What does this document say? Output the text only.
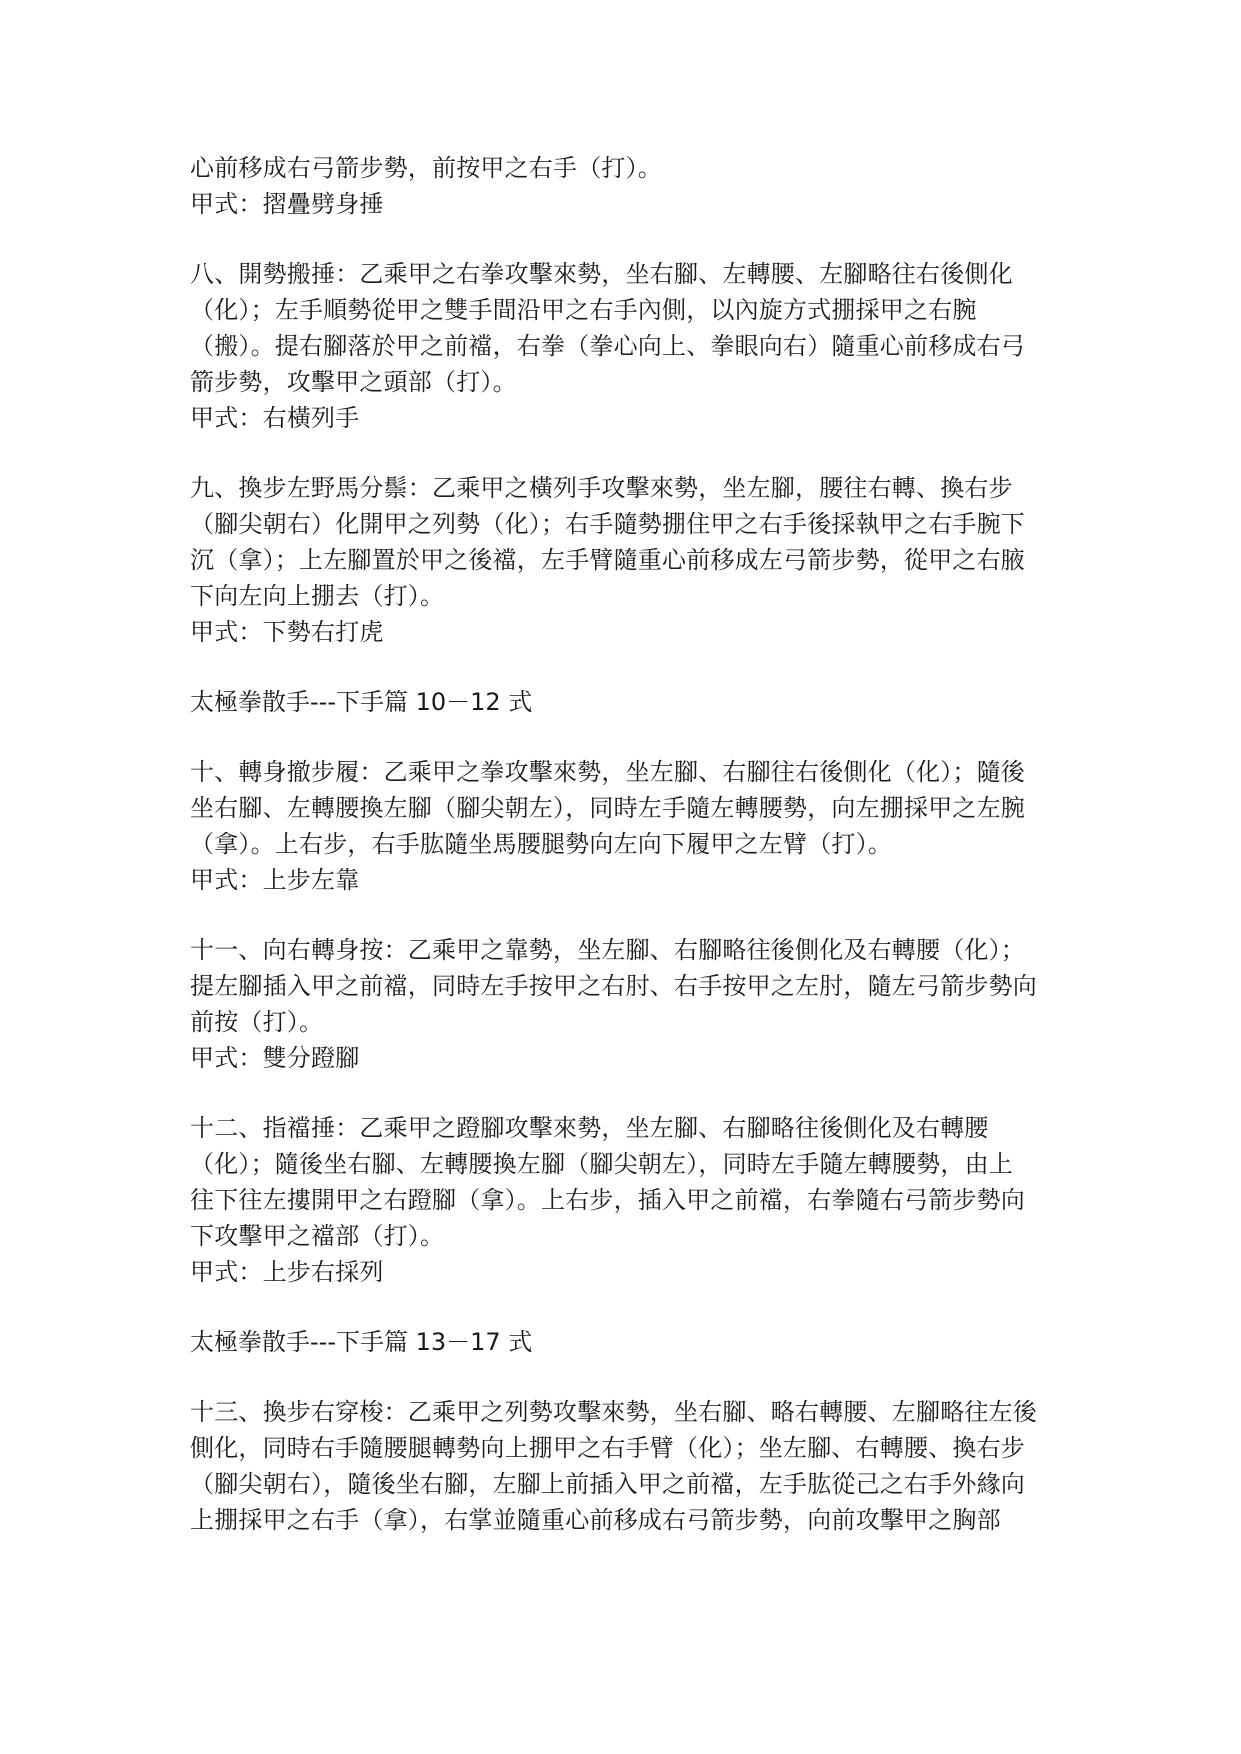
心前移成右弓箭步勢，前按甲之右手（打）。
甲式：摺疊劈身捶
八、開勢搬捶：乙乘甲之右拳攻擊來勢，坐右腳、左轉腰、左腳略往右後側化
（化）；左手順勢從甲之雙手間沿甲之右手內側，以內旋方式掤採甲之右腕
（搬）。提右腳落於甲之前襠，右拳（拳心向上、拳眼向右）隨重心前移成右弓
箭步勢，攻擊甲之頭部（打）。
甲式：右橫列手
九、換步左野馬分鬃：乙乘甲之橫列手攻擊來勢，坐左腳，腰往右轉、換右步
（腳尖朝右）化開甲之列勢（化）；右手隨勢掤住甲之右手後採執甲之右手腕下
沉（拿）；上左腳置於甲之後襠，左手臂隨重心前移成左弓箭步勢，從甲之右腋
下向左向上掤去（打）。
甲式：下勢右打虎
太極拳散手---下手篇 10－12 式
十、轉身撤步履：乙乘甲之拳攻擊來勢，坐左腳、右腳往右後側化（化）；隨後
坐右腳、左轉腰換左腳（腳尖朝左），同時左手隨左轉腰勢，向左掤採甲之左腕
（拿）。上右步，右手肱隨坐馬腰腿勢向左向下履甲之左臂（打）。
甲式：上步左靠
十一、向右轉身按：乙乘甲之靠勢，坐左腳、右腳略往後側化及右轉腰（化）；
提左腳插入甲之前襠，同時左手按甲之右肘、右手按甲之左肘，隨左弓箭步勢向
前按（打）。
甲式：雙分蹬腳
十二、指襠捶：乙乘甲之蹬腳攻擊來勢，坐左腳、右腳略往後側化及右轉腰
（化）；隨後坐右腳、左轉腰換左腳（腳尖朝左），同時左手隨左轉腰勢，由上
往下往左摟開甲之右蹬腳（拿）。上右步，插入甲之前襠，右拳隨右弓箭步勢向
下攻擊甲之襠部（打）。
甲式：上步右採列
太極拳散手---下手篇 13－17 式
十三、換步右穿梭：乙乘甲之列勢攻擊來勢，坐右腳、略右轉腰、左腳略往左後
側化，同時右手隨腰腿轉勢向上掤甲之右手臂（化）；坐左腳、右轉腰、換右步
（腳尖朝右），隨後坐右腳，左腳上前插入甲之前襠，左手肱從己之右手外緣向
上掤採甲之右手（拿），右掌並隨重心前移成右弓箭步勢，向前攻擊甲之胸部
